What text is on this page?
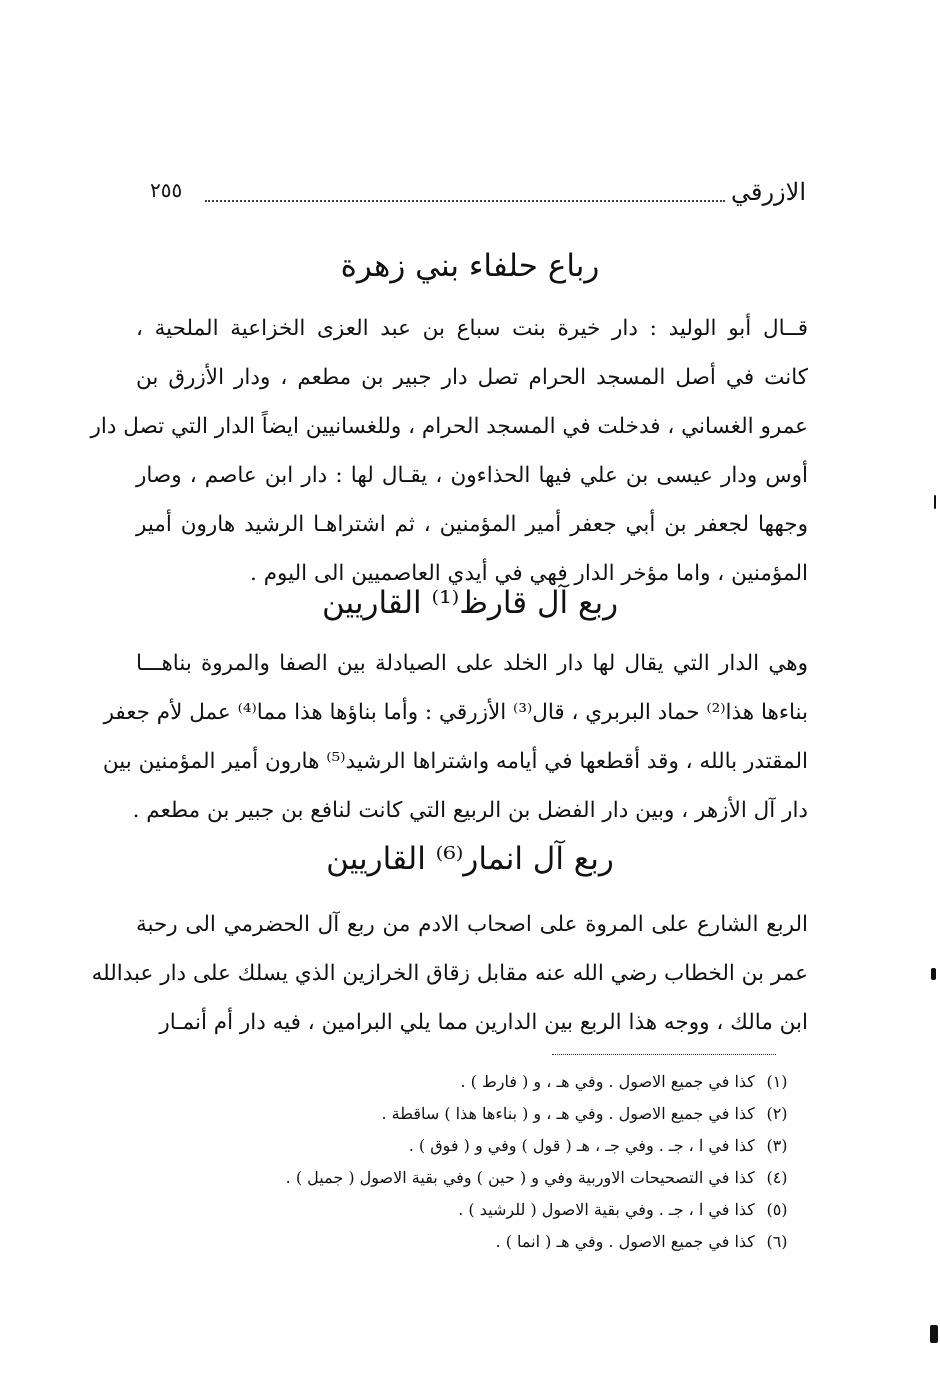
الازرقي
٢٥٥
رباع حلفاء بني زهرة
قــال أبو الوليد : دار خيرة بنت سباع بن عبد العزى الخزاعية الملحية ،
كانت في أصل المسجد الحرام تصل دار جبير بن مطعم ، ودار الأزرق بن
عمرو الغساني ، فدخلت في المسجد الحرام ، وللغسانيين ايضاً الدار التي تصل دار
أوس ودار عيسى بن علي فيها الحذاءون ، يقـال لها : دار ابن عاصم ، وصار
وجهها لجعفر بن أبي جعفر أمير المؤمنين ، ثم اشتراهـا الرشيد هارون أمير
المؤمنين ، واما مؤخر الدار فهي في أيدي العاصميين الى اليوم .
ربع آل قارظ⁽¹⁾ القاريين
وهي الدار التي يقال لها دار الخلد على الصيادلة بين الصفا والمروة بناهـــا
بناءها هذا⁽²⁾ حماد البربري ، قال⁽³⁾ الأزرقي : وأما بناؤها هذا مما⁽⁴⁾ عمل لأم جعفر
المقتدر بالله ، وقد أقطعها في أيامه واشتراها الرشيد⁽⁵⁾ هارون أمير المؤمنين بين
دار آل الأزهر ، وبين دار الفضل بن الربيع التي كانت لنافع بن جبير بن مطعم .
ربع آل انمار⁽⁶⁾ القاريين
الربع الشارع على المروة على اصحاب الادم من ربع آل الحضرمي الى رحبة
عمر بن الخطاب رضي الله عنه مقابل زقاق الخرازين الذي يسلك على دار عبدالله
ابن مالك ، ووجه هذا الربع بين الدارين مما يلي البرامين ، فيه دار أم أنمـار
(١) كذا في جميع الاصول . وفي هـ ، و ( فارط ) .
(٢) كذا في جميع الاصول . وفي هـ ، و ( بناءها هذا ) ساقطة .
(٣) كذا في ا ، جـ . وفي جـ ، هـ ( قول ) وفي و ( فوق ) .
(٤) كذا في التصحيحات الاوربية وفي و ( حين ) وفي بقية الاصول ( جميل ) .
(٥) كذا في ا ، جـ . وفي بقية الاصول ( للرشيد ) .
(٦) كذا في جميع الاصول . وفي هـ ( انما ) .
